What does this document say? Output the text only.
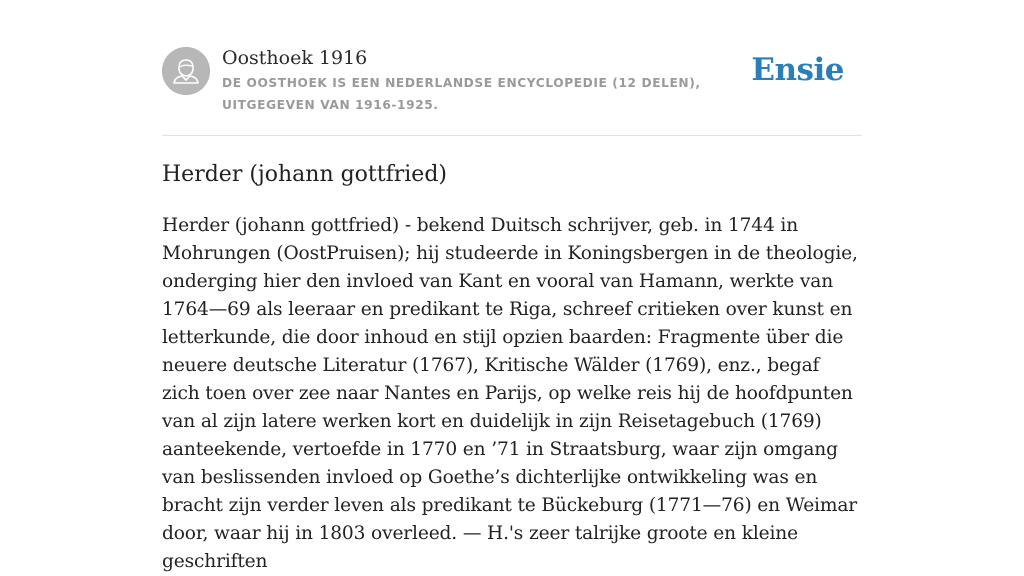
Oosthoek 1916
DE OOSTHOEK IS EEN NEDERLANDSE ENCYCLOPEDIE (12 DELEN), UITGEGEVEN VAN 1916-1925.
Ensie
Herder (johann gottfried)

Herder (johann gottfried) - bekend Duitsch schrijver, geb. in 1744 in Mohrungen (OostPruisen); hij studeerde in Koningsbergen in de theologie, onderging hier den invloed van Kant en vooral van Hamann, werkte van 1764—69 als leeraar en predikant te Riga, schreef critieken over kunst en letterkunde, die door inhoud en stijl opzien baarden: Fragmente über die neuere deutsche Literatur (1767), Kritische Wälder (1769), enz., begaf zich toen over zee naar Nantes en Parijs, op welke reis hij de hoofdpunten van al zijn latere werken kort en duidelijk in zijn Reisetagebuch (1769) aanteekende, vertoefde in 1770 en ’71 in Straatsburg, waar zijn omgang van beslissenden invloed op Goethe’s dichterlijke ontwikkeling was en bracht zijn verder leven als predikant te Bückeburg (1771—76) en Weimar door, waar hij in 1803 overleed. — H.'s zeer talrijke groote en kleine geschriften
